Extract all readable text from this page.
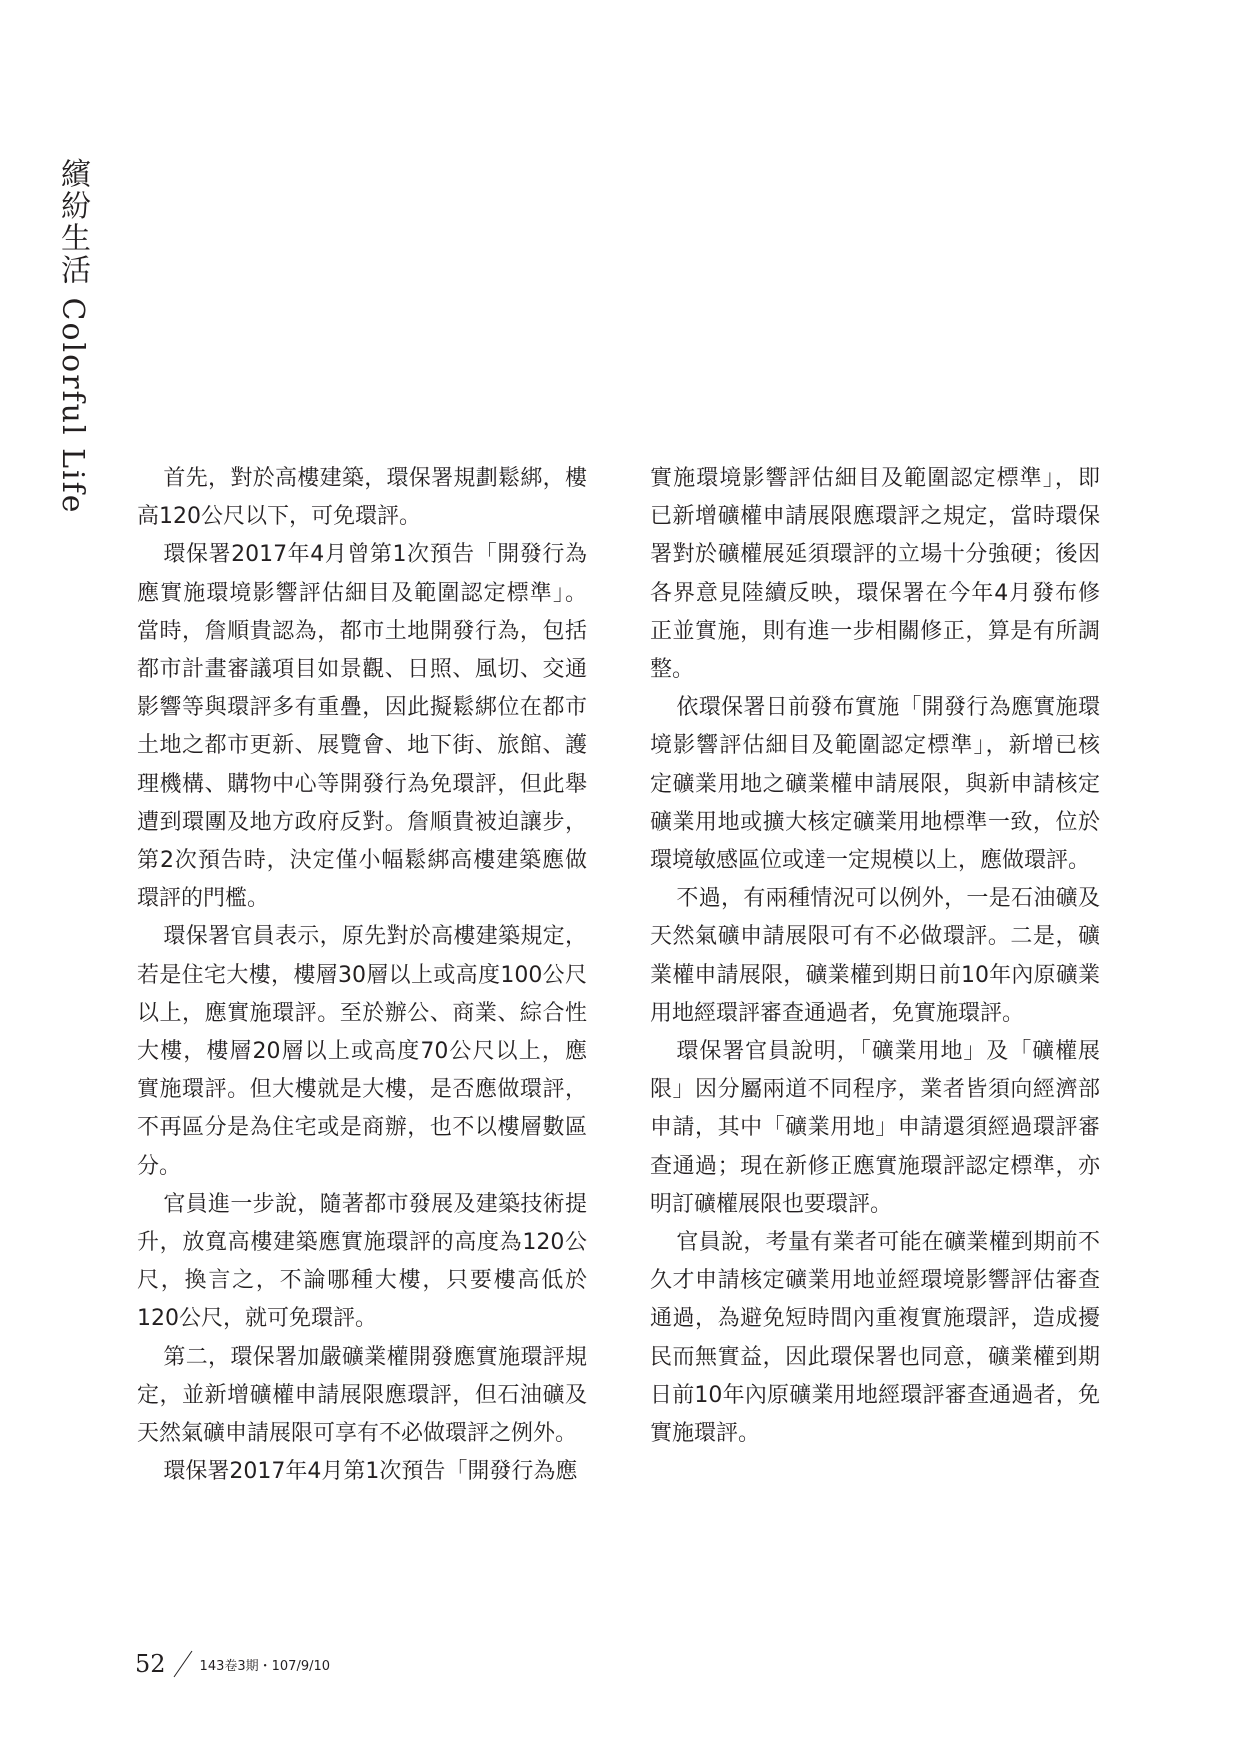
繽紛生活 Colorful Life	首先，對於高樓建築，環保署規劃鬆綁，樓高120公尺以下，可免環評。

環保署2017年4月曾第1次預告「開發行為應實施環境影響評估細目及範圍認定標準」。當時，詹順貴認為，都市土地開發行為，包括都市計畫審議項目如景觀、日照、風切、交通影響等與環評多有重疊，因此擬鬆綁位在都市土地之都市更新、展覽會、地下街、旅館、護理機構、購物中心等開發行為免環評，但此舉遭到環團及地方政府反對。詹順貴被迫讓步，第2次預告時，決定僅小幅鬆綁高樓建築應做環評的門檻。

環保署官員表示，原先對於高樓建築規定，若是住宅大樓，樓層30層以上或高度100公尺以上，應實施環評。至於辦公、商業、綜合性大樓，樓層20層以上或高度70公尺以上，應實施環評。但大樓就是大樓，是否應做環評，不再區分是為住宅或是商辦，也不以樓層數區分。

官員進一步說，隨著都市發展及建築技術提升，放寬高樓建築應實施環評的高度為120公尺，換言之，不論哪種大樓，只要樓高低於120公尺，就可免環評。

第二，環保署加嚴礦業權開發應實施環評規定，並新增礦權申請展限應環評，但石油礦及天然氣礦申請展限可享有不必做環評之例外。

環保署2017年4月第1次預告「開發行為應

實施環境影響評估細目及範圍認定標準」，即已新增礦權申請展限應環評之規定，當時環保署對於礦權展延須環評的立場十分強硬；後因各界意見陸續反映，環保署在今年4月發布修正並實施，則有進一步相關修正，算是有所調整。

依環保署日前發布實施「開發行為應實施環境影響評估細目及範圍認定標準」，新增已核定礦業用地之礦業權申請展限，與新申請核定礦業用地或擴大核定礦業用地標準一致，位於環境敏感區位或達一定規模以上，應做環評。

不過，有兩種情況可以例外，一是石油礦及天然氣礦申請展限可有不必做環評。二是，礦業權申請展限，礦業權到期日前10年內原礦業用地經環評審查通過者，免實施環評。

環保署官員說明，「礦業用地」及「礦權展限」因分屬兩道不同程序，業者皆須向經濟部申請，其中「礦業用地」申請還須經過環評審查通過；現在新修正應實施環評認定標準，亦明訂礦權展限也要環評。

官員說，考量有業者可能在礦業權到期前不久才申請核定礦業用地並經環境影響評估審查通過，為避免短時間內重複實施環評，造成擾民而無實益，因此環保署也同意，礦業權到期日前10年內原礦業用地經環評審查通過者，免實施環評。

52	143卷3期・107/9/10
